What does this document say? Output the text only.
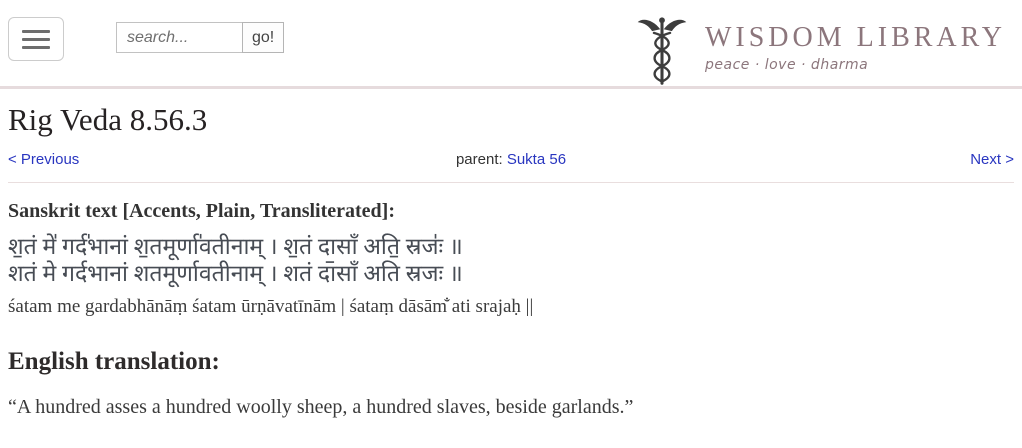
search...
go!	WISDOM LIBRARY
peace · love · dharma
Rig Veda 8.56.3
< Previous	parent: Sukta 56	Next >
Sanskrit text [Accents, Plain, Transliterated]:

श॒तं मे॑ गर्द॑भानां श॒तमूर्णा॑वतीनाम् । श॒तं दा॒साँ अति॒ स्रजः॑ ॥

शतं मे गर्दभानां शतमूर्णावतीनाम् । शतं दासाँ अति स्रजः ॥

śatam me gardabhānāṃ śatam ūrṇāvatīnām | śataṃ dāsām̐ ati srajaḥ ||

English translation:

“A hundred asses a hundred woolly sheep, a hundred slaves, beside garlands.”
